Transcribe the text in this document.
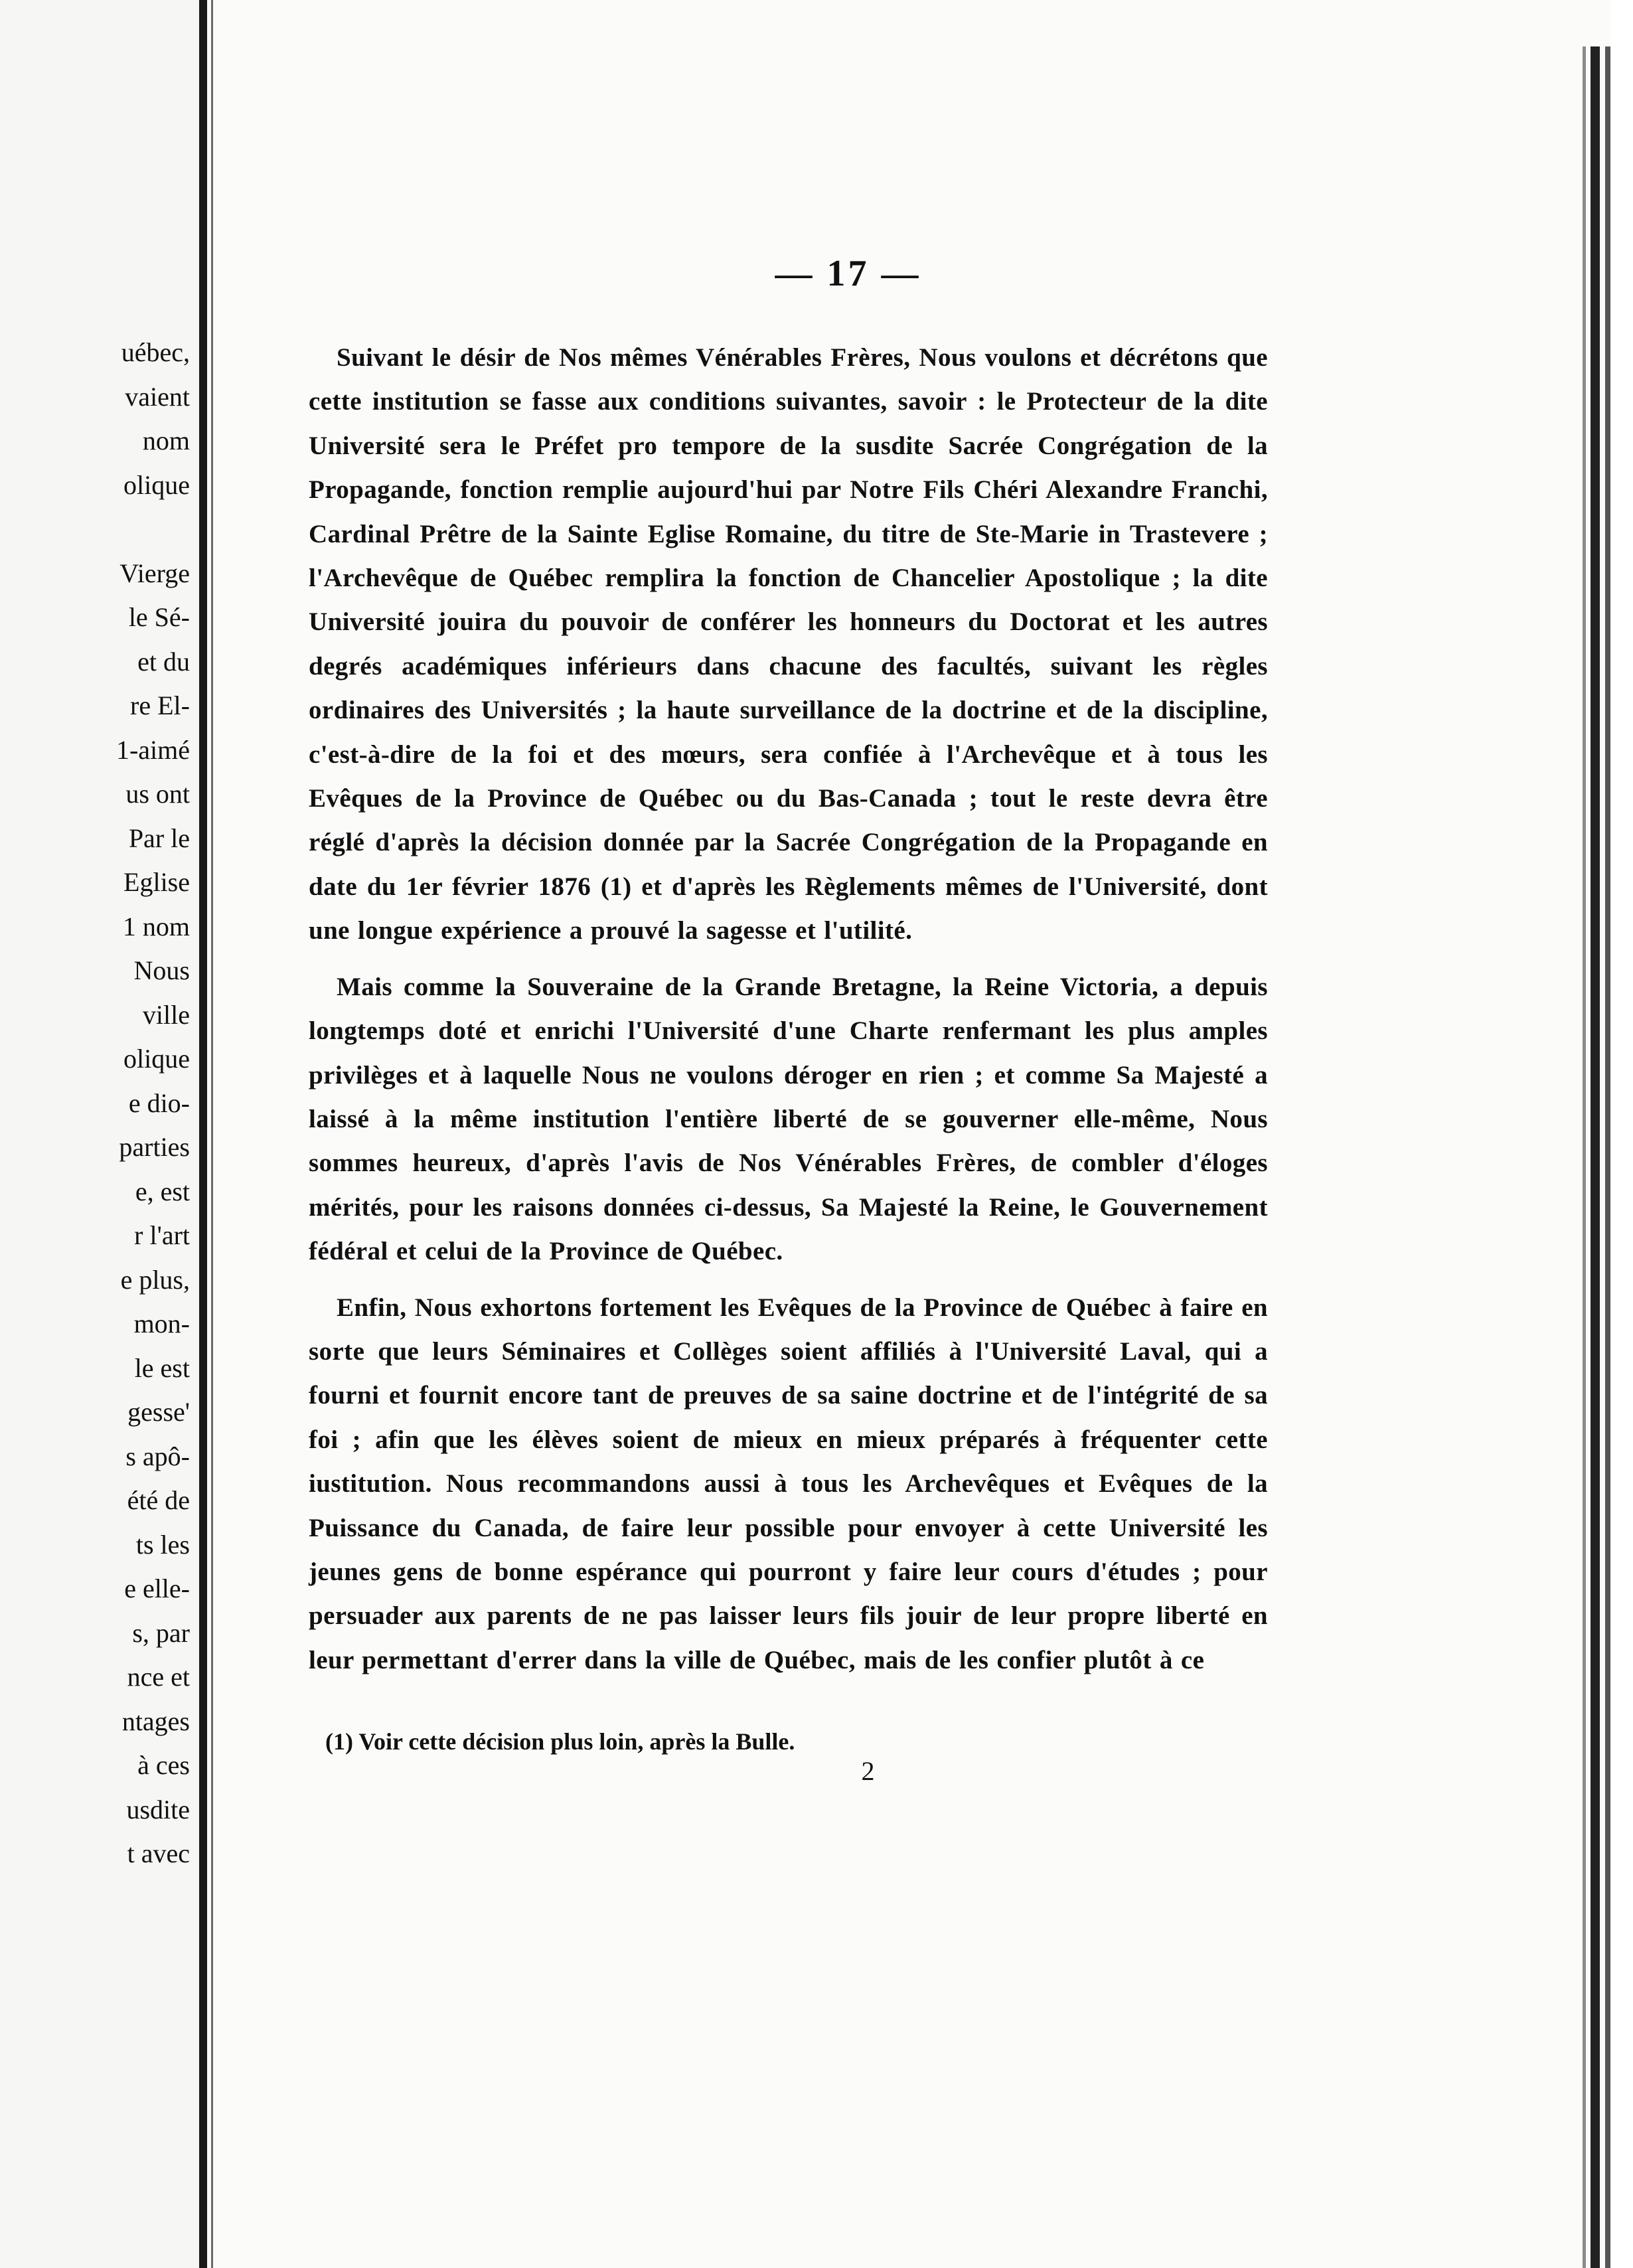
uébec,
vaient
nom
olique
Vierge
le Sé-
et du
re El-
1-aimé
us ont
Par le
Eglise
1 nom
Nous
ville
olique
e dio-
parties
e, est
r l'art
e plus,
mon-
le est
gesse'
s apô-
été de
ts les
e elle-
s, par
nce et
ntages
à ces
usdite
t avec
— 17 —

Suivant le désir de Nos mêmes Vénérables Frères, Nous voulons et décrétons que cette institution se fasse aux conditions suivantes, savoir : le Protecteur de la dite Université sera le Préfet pro tempore de la susdite Sacrée Congrégation de la Propagande, fonction remplie aujourd'hui par Notre Fils Chéri Alexandre Franchi, Cardinal Prêtre de la Sainte Eglise Romaine, du titre de Ste-Marie in Trastevere ; l'Archevêque de Québec remplira la fonction de Chancelier Apostolique ; la dite Université jouira du pouvoir de conférer les honneurs du Doctorat et les autres degrés académiques inférieurs dans chacune des facultés, suivant les règles ordinaires des Universités ; la haute surveillance de la doctrine et de la discipline, c'est-à-dire de la foi et des mœurs, sera confiée à l'Archevêque et à tous les Evêques de la Province de Québec ou du Bas-Canada ; tout le reste devra être réglé d'après la décision donnée par la Sacrée Congrégation de la Propagande en date du 1er février 1876 (1) et d'après les Règlements mêmes de l'Université, dont une longue expérience a prouvé la sagesse et l'utilité.

Mais comme la Souveraine de la Grande Bretagne, la Reine Victoria, a depuis longtemps doté et enrichi l'Université d'une Charte renfermant les plus amples privilèges et à laquelle Nous ne voulons déroger en rien ; et comme Sa Majesté a laissé à la même institution l'entière liberté de se gouverner elle-même, Nous sommes heureux, d'après l'avis de Nos Vénérables Frères, de combler d'éloges mérités, pour les raisons données ci-dessus, Sa Majesté la Reine, le Gouvernement fédéral et celui de la Province de Québec.

Enfin, Nous exhortons fortement les Evêques de la Province de Québec à faire en sorte que leurs Séminaires et Collèges soient affiliés à l'Université Laval, qui a fourni et fournit encore tant de preuves de sa saine doctrine et de l'intégrité de sa foi ; afin que les élèves soient de mieux en mieux préparés à fréquenter cette iustitution. Nous recommandons aussi à tous les Archevêques et Evêques de la Puissance du Canada, de faire leur possible pour envoyer à cette Université les jeunes gens de bonne espérance qui pourront y faire leur cours d'études ; pour persuader aux parents de ne pas laisser leurs fils jouir de leur propre liberté en leur permettant d'errer dans la ville de Québec, mais de les confier plutôt à ce

(1) Voir cette décision plus loin, après la Bulle.
2
